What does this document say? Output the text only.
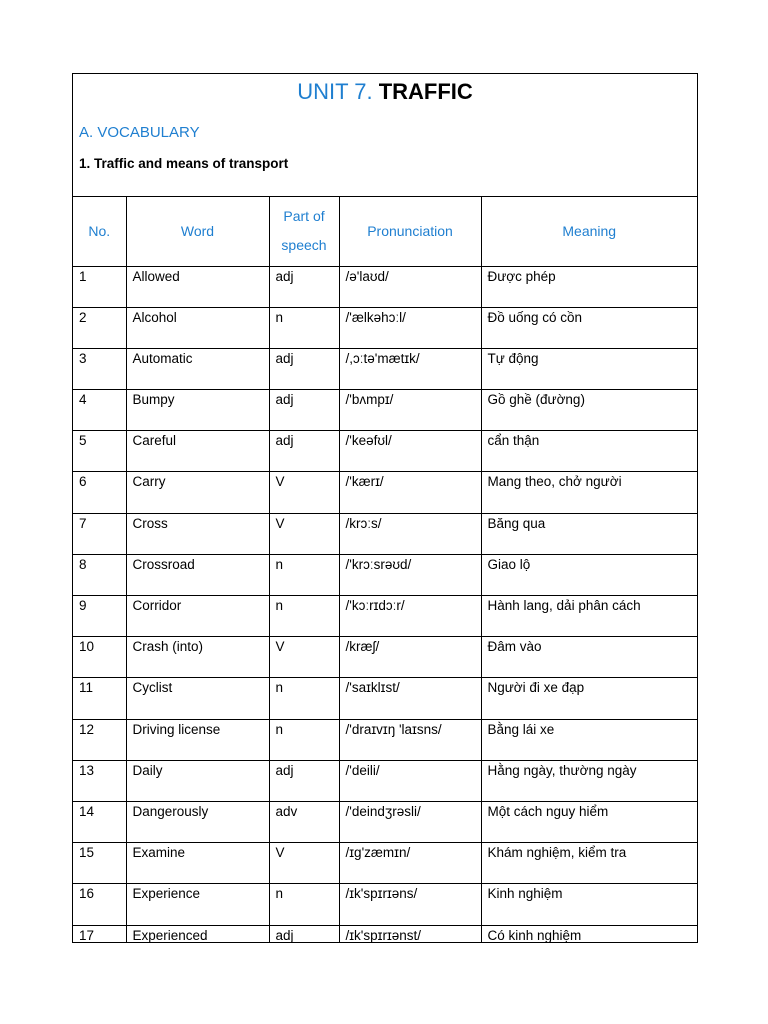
UNIT 7. TRAFFIC
A. VOCABULARY
1. Traffic and means of transport
No.	Word	Part of speech	Pronunciation	Meaning
1	Allowed	adj	/ə'laʊd/	Được phép
2	Alcohol	n	/'ælkəhɔːl/	Đồ uống có cồn
3	Automatic	adj	/,ɔːtə'mætɪk/	Tự động
4	Bumpy	adj	/'bʌmpɪ/	Gồ ghề (đường)
5	Careful	adj	/'keəfʊl/	cẩn thận
6	Carry	V	/'kærɪ/	Mang theo, chở người
7	Cross	V	/krɔːs/	Băng qua
8	Crossroad	n	/'krɔːsrəʊd/	Giao lộ
9	Corridor	n	/'kɔːrɪdɔːr/	Hành lang, dải phân cách
10	Crash (into)	V	/kræʃ/	Đâm vào
11	Cyclist	n	/'saɪklɪst/	Người đi xe đạp
12	Driving license	n	/'draɪvɪŋ 'laɪsns/	Bằng lái xe
13	Daily	adj	/'deili/	Hằng ngày, thường ngày
14	Dangerously	adv	/'deindʒrəsli/	Một cách nguy hiểm
15	Examine	V	/ɪg'zæmɪn/	Khám nghiệm, kiểm tra
16	Experience	n	/ɪk'spɪrɪəns/	Kinh nghiệm
17	Experienced	adj	/ɪk'spɪrɪənst/	Có kinh nghiệm
